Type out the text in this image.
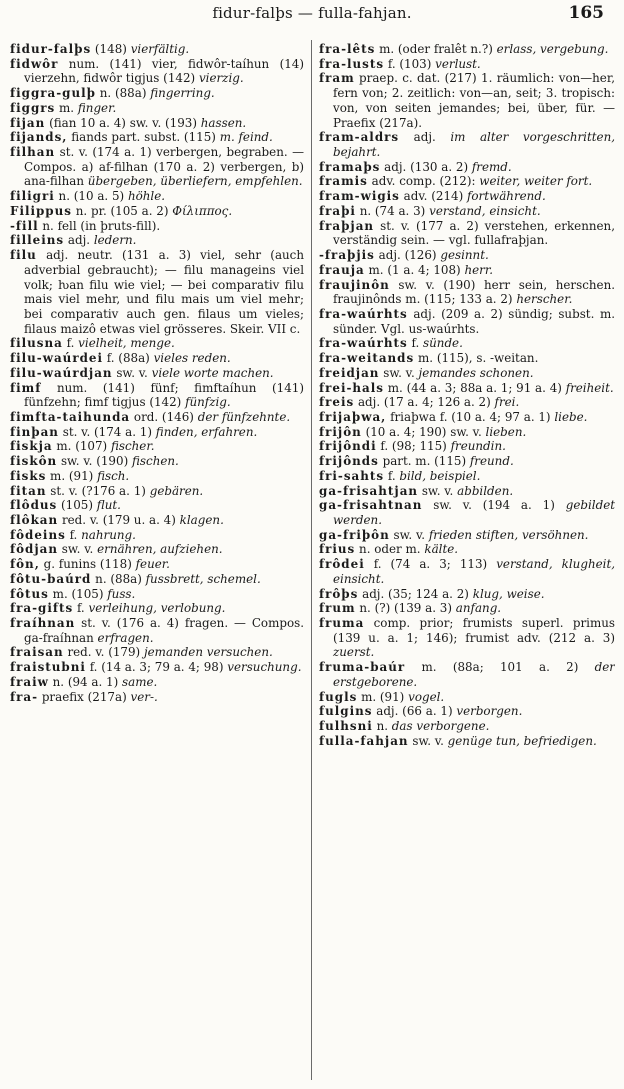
fidur-falþs — fulla-fahjan.	165
fidur-falþs (148) vierfältig.
fidwôr num. (141) vier, fidwôr-taíhun (14) vierzehn, fidwôr tigjus (142) vierzig.
figgra-gulþ n. (88a) fingerring.
figgrs m. finger.
fijan (fian 10 a. 4) sw. v. (193) hassen.
fijands, fiands part. subst. (115) m. feind.
filhan st. v. (174 a. 1) verbergen, begraben. — Compos. a) af-filhan (170 a. 2) verbergen, b) ana-filhan übergeben, überliefern, empfehlen.
filigri n. (10 a. 5) höhle.
Filippus n. pr. (105 a. 2) Φίλιππος.
-fill n. fell (in þruts-fill).
filleins adj. ledern.
filu adj. neutr. (131 a. 3) viel, sehr (auch adverbial gebraucht); — filu manageins viel volk; ƕan filu wie viel; — bei comparativ filu mais viel mehr, und filu mais um viel mehr; bei comparativ auch gen. filaus um vieles; filaus maizô etwas viel grösseres. Skeir. VII c.
filusna f. vielheit, menge.
filu-waúrdei f. (88a) vieles reden.
filu-waúrdjan sw. v. viele worte machen.
fimf num. (141) fünf; fimftaíhun (141) fünfzehn; fimf tigjus (142) fünfzig.
fimfta-taihunda ord. (146) der fünfzehnte.
finþan st. v. (174 a. 1) finden, erfahren.
fiskja m. (107) fischer.
fiskôn sw. v. (190) fischen.
fisks m. (91) fisch.
fitan st. v. (?176 a. 1) gebären.
flôdus (105) flut.
flôkan red. v. (179 u. a. 4) klagen.
fôdeins f. nahrung.
fôdjan sw. v. ernähren, aufziehen.
fôn, g. funins (118) feuer.
fôtu-baúrd n. (88a) fussbrett, schemel.
fôtus m. (105) fuss.
fra-gifts f. verleihung, verlobung.
fraíhnan st. v. (176 a. 4) fragen. — Compos. ga-fraíhnan erfragen.
fraisan red. v. (179) jemanden versuchen.
fraistubni f. (14 a. 3; 79 a. 4; 98) versuchung.
fraiw n. (94 a. 1) same.
fra- praefix (217a) ver-.
fra-lêts m. (oder fralêt n.?) erlass, vergebung.
fra-lusts f. (103) verlust.
fram praep. c. dat. (217) 1. räumlich: von—her, fern von; 2. zeitlich: von—an, seit; 3. tropisch: von, von seiten jemandes; bei, über, für. — Praefix (217a).
fram-aldrs adj. im alter vorgeschritten, bejahrt.
framaþs adj. (130 a. 2) fremd.
framis adv. comp. (212): weiter, weiter fort.
fram-wigis adv. (214) fortwährend.
fraþi n. (74 a. 3) verstand, einsicht.
fraþjan st. v. (177 a. 2) verstehen, erkennen, verständig sein. — vgl. fullafraþjan.
-fraþjis adj. (126) gesinnt.
frauja m. (1 a. 4; 108) herr.
fraujinôn sw. v. (190) herr sein, herschen. fraujinônds m. (115; 133 a. 2) herscher.
fra-waúrhts adj. (209 a. 2) sündig; subst. m. sünder. Vgl. us-waúrhts.
fra-waúrhts f. sünde.
fra-weitands m. (115), s. -weitan.
freidjan sw. v. jemandes schonen.
frei-hals m. (44 a. 3; 88a a. 1; 91 a. 4) freiheit.
freis adj. (17 a. 4; 126 a. 2) frei.
frijaþwa, friaþwa f. (10 a. 4; 97 a. 1) liebe.
frijôn (10 a. 4; 190) sw. v. lieben.
frijôndi f. (98; 115) freundin.
frijônds part. m. (115) freund.
fri-sahts f. bild, beispiel.
ga-frisahtjan sw. v. abbilden.
ga-frisahtnan sw. v. (194 a. 1) gebildet werden.
ga-friþôn sw. v. frieden stiften, versöhnen.
frius n. oder m. kälte.
frôdei f. (74 a. 3; 113) verstand, klugheit, einsicht.
frôþs adj. (35; 124 a. 2) klug, weise.
frum n. (?) (139 a. 3) anfang.
fruma comp. prior; frumists superl. primus (139 u. a. 1; 146); frumist adv. (212 a. 3) zuerst.
fruma-baúr m. (88a; 101 a. 2) der erstgeborene.
fugls m. (91) vogel.
fulgins adj. (66 a. 1) verborgen.
fulhsni n. das verborgene.
fulla-fahjan sw. v. genüge tun, befriedigen.
